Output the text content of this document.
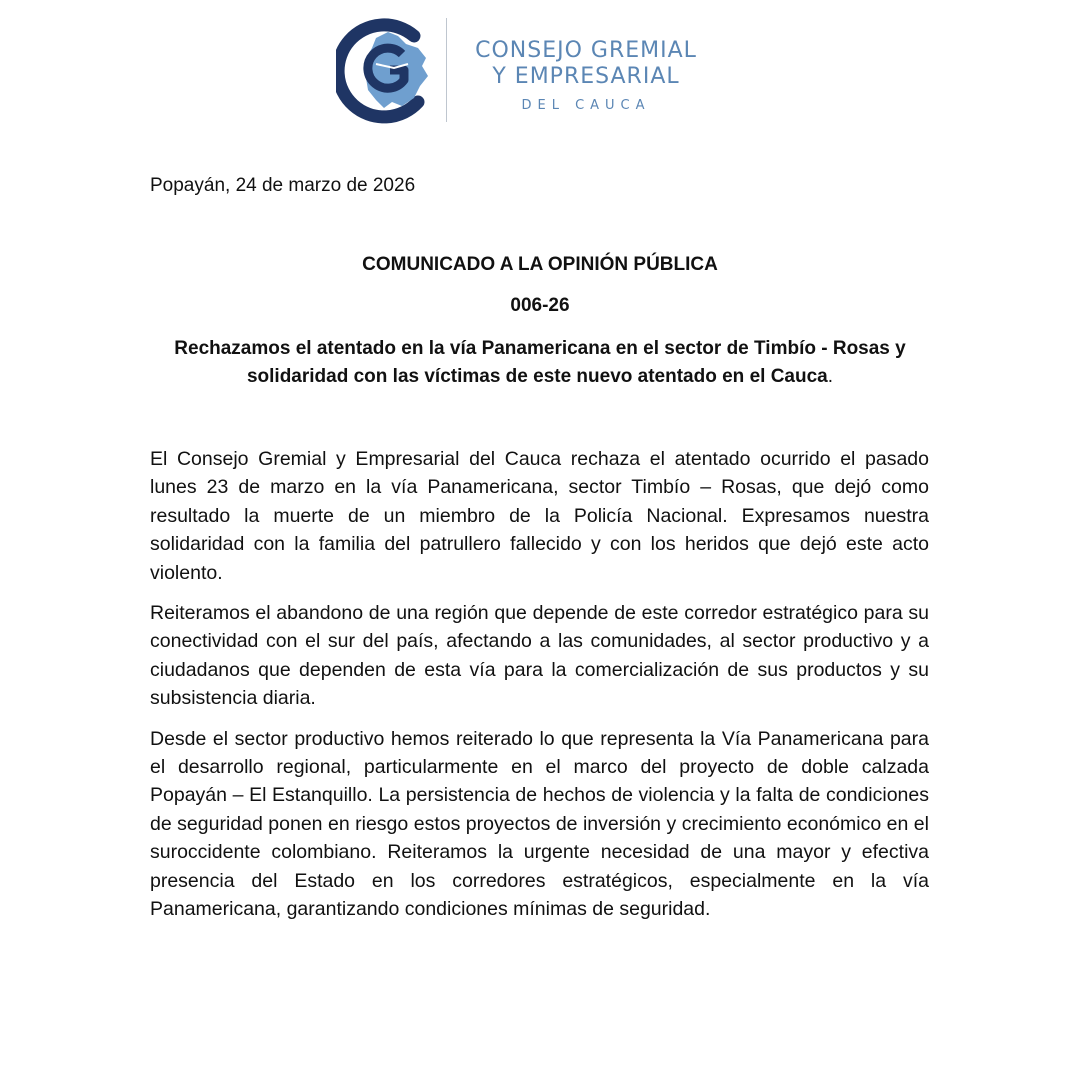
CONSEJO GREMIAL
Y EMPRESARIAL
DEL CAUCA
Popayán, 24 de marzo de 2026
COMUNICADO A LA OPINIÓN PÚBLICA
006-26
Rechazamos el atentado en la vía Panamericana en el sector de Timbío - Rosas y solidaridad con las víctimas de este nuevo atentado en el Cauca.

El Consejo Gremial y Empresarial del Cauca rechaza el atentado ocurrido el pasado lunes 23 de marzo en la vía Panamericana, sector Timbío – Rosas, que dejó como resultado la muerte de un miembro de la Policía Nacional. Expresamos nuestra solidaridad con la familia del patrullero fallecido y con los heridos que dejó este acto violento.

Reiteramos el abandono de una región que depende de este corredor estratégico para su conectividad con el sur del país, afectando a las comunidades, al sector productivo y a ciudadanos que dependen de esta vía para la comercialización de sus productos y su subsistencia diaria.

Desde el sector productivo hemos reiterado lo que representa la Vía Panamericana para el desarrollo regional, particularmente en el marco del proyecto de doble calzada Popayán – El Estanquillo. La persistencia de hechos de violencia y la falta de condiciones de seguridad ponen en riesgo estos proyectos de inversión y crecimiento económico en el suroccidente colombiano. Reiteramos la urgente necesidad de una mayor y efectiva presencia del Estado en los corredores estratégicos, especialmente en la vía Panamericana, garantizando condiciones mínimas de seguridad.
